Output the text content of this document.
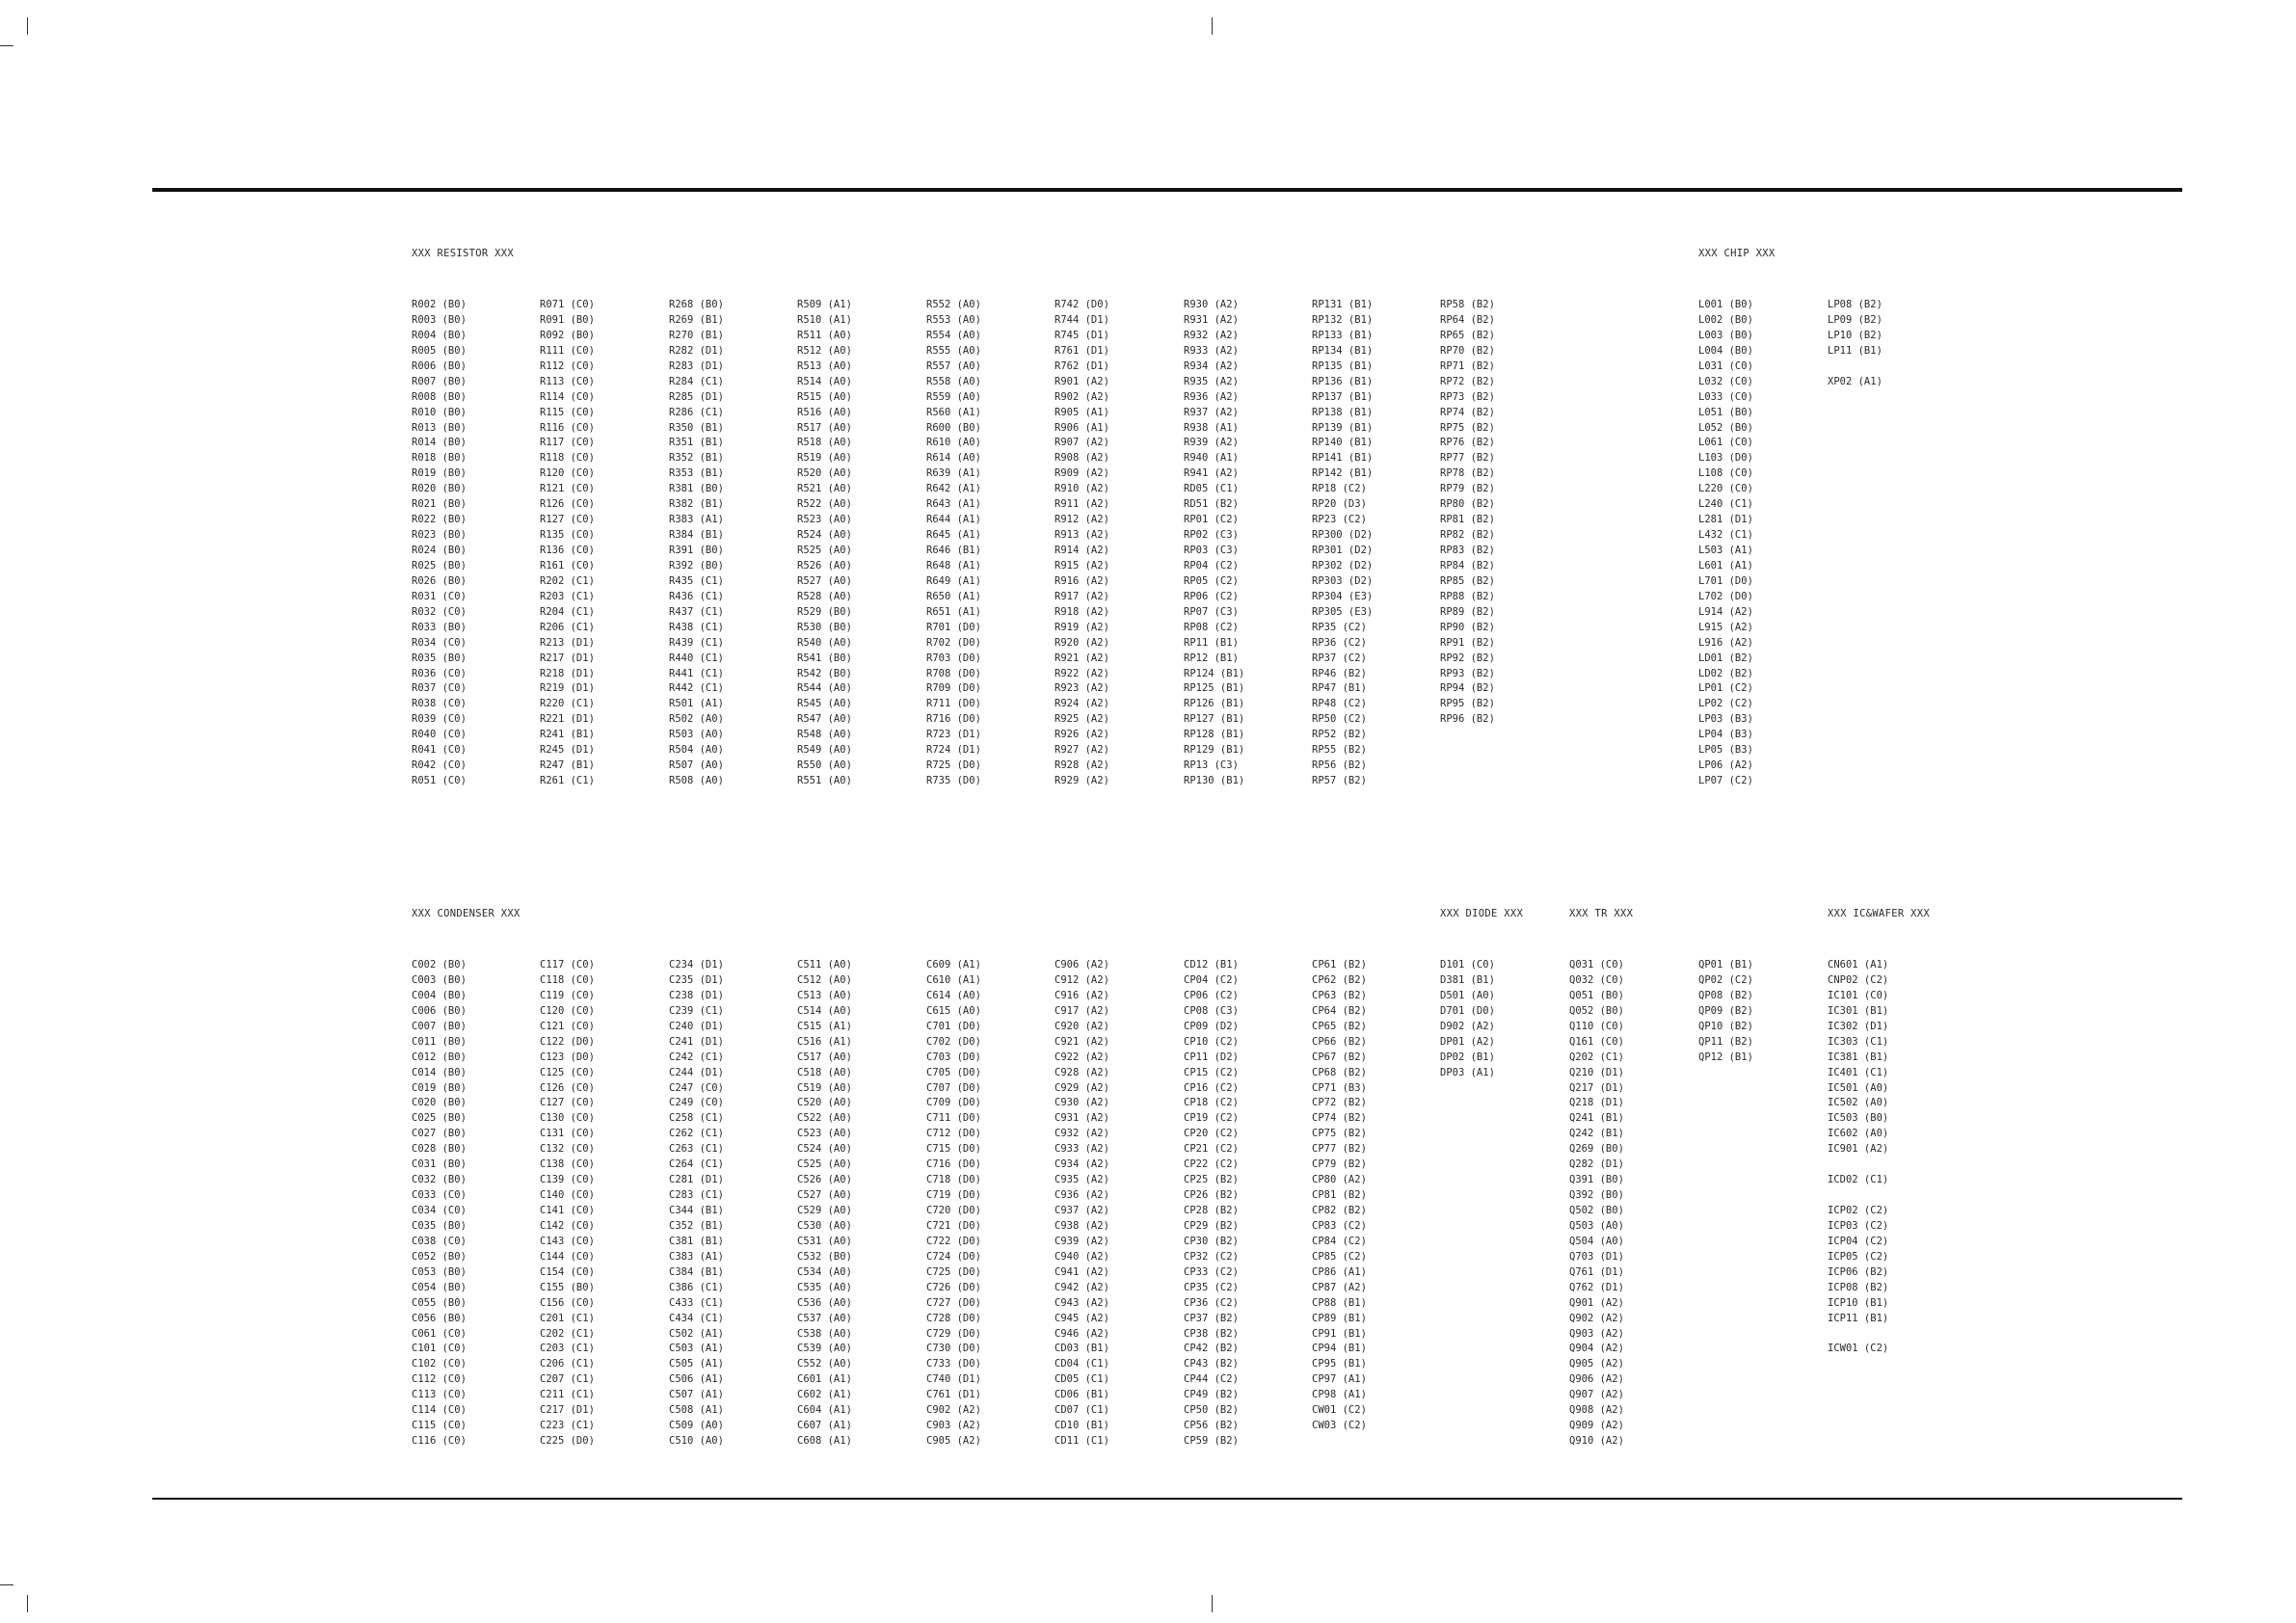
XXX RESISTOR XXX
R002 (B0)
R003 (B0)
R004 (B0)
R005 (B0)
R006 (B0)
R007 (B0)
R008 (B0)
R010 (B0)
R013 (B0)
R014 (B0)
R018 (B0)
R019 (B0)
R020 (B0)
R021 (B0)
R022 (B0)
R023 (B0)
R024 (B0)
R025 (B0)
R026 (B0)
R031 (C0)
R032 (C0)
R033 (B0)
R034 (C0)
R035 (B0)
R036 (C0)
R037 (C0)
R038 (C0)
R039 (C0)
R040 (C0)
R041 (C0)
R042 (C0)
R051 (C0)
R071 (C0)
R091 (B0)
R092 (B0)
R111 (C0)
R112 (C0)
R113 (C0)
R114 (C0)
R115 (C0)
R116 (C0)
R117 (C0)
R118 (C0)
R120 (C0)
R121 (C0)
R126 (C0)
R127 (C0)
R135 (C0)
R136 (C0)
R161 (C0)
R202 (C1)
R203 (C1)
R204 (C1)
R206 (C1)
R213 (D1)
R217 (D1)
R218 (D1)
R219 (D1)
R220 (C1)
R221 (D1)
R241 (B1)
R245 (D1)
R247 (B1)
R261 (C1)
R268 (B0)
R269 (B1)
R270 (B1)
R282 (D1)
R283 (D1)
R284 (C1)
R285 (D1)
R286 (C1)
R350 (B1)
R351 (B1)
R352 (B1)
R353 (B1)
R381 (B0)
R382 (B1)
R383 (A1)
R384 (B1)
R391 (B0)
R392 (B0)
R435 (C1)
R436 (C1)
R437 (C1)
R438 (C1)
R439 (C1)
R440 (C1)
R441 (C1)
R442 (C1)
R501 (A1)
R502 (A0)
R503 (A0)
R504 (A0)
R507 (A0)
R508 (A0)
R509 (A1)
R510 (A1)
R511 (A0)
R512 (A0)
R513 (A0)
R514 (A0)
R515 (A0)
R516 (A0)
R517 (A0)
R518 (A0)
R519 (A0)
R520 (A0)
R521 (A0)
R522 (A0)
R523 (A0)
R524 (A0)
R525 (A0)
R526 (A0)
R527 (A0)
R528 (A0)
R529 (B0)
R530 (B0)
R540 (A0)
R541 (B0)
R542 (B0)
R544 (A0)
R545 (A0)
R547 (A0)
R548 (A0)
R549 (A0)
R550 (A0)
R551 (A0)
R552 (A0)
R553 (A0)
R554 (A0)
R555 (A0)
R557 (A0)
R558 (A0)
R559 (A0)
R560 (A1)
R600 (B0)
R610 (A0)
R614 (A0)
R639 (A1)
R642 (A1)
R643 (A1)
R644 (A1)
R645 (A1)
R646 (B1)
R648 (A1)
R649 (A1)
R650 (A1)
R651 (A1)
R701 (D0)
R702 (D0)
R703 (D0)
R708 (D0)
R709 (D0)
R711 (D0)
R716 (D0)
R723 (D1)
R724 (D1)
R725 (D0)
R735 (D0)
R742 (D0)
R744 (D1)
R745 (D1)
R761 (D1)
R762 (D1)
R901 (A2)
R902 (A2)
R905 (A1)
R906 (A1)
R907 (A2)
R908 (A2)
R909 (A2)
R910 (A2)
R911 (A2)
R912 (A2)
R913 (A2)
R914 (A2)
R915 (A2)
R916 (A2)
R917 (A2)
R918 (A2)
R919 (A2)
R920 (A2)
R921 (A2)
R922 (A2)
R923 (A2)
R924 (A2)
R925 (A2)
R926 (A2)
R927 (A2)
R928 (A2)
R929 (A2)
R930 (A2)
R931 (A2)
R932 (A2)
R933 (A2)
R934 (A2)
R935 (A2)
R936 (A2)
R937 (A2)
R938 (A1)
R939 (A2)
R940 (A1)
R941 (A2)
RD05 (C1)
RD51 (B2)
RP01 (C2)
RP02 (C3)
RP03 (C3)
RP04 (C2)
RP05 (C2)
RP06 (C2)
RP07 (C3)
RP08 (C2)
RP11 (B1)
RP12 (B1)
RP124 (B1)
RP125 (B1)
RP126 (B1)
RP127 (B1)
RP128 (B1)
RP129 (B1)
RP13 (C3)
RP130 (B1)
RP131 (B1)
RP132 (B1)
RP133 (B1)
RP134 (B1)
RP135 (B1)
RP136 (B1)
RP137 (B1)
RP138 (B1)
RP139 (B1)
RP140 (B1)
RP141 (B1)
RP142 (B1)
RP18 (C2)
RP20 (D3)
RP23 (C2)
RP300 (D2)
RP301 (D2)
RP302 (D2)
RP303 (D2)
RP304 (E3)
RP305 (E3)
RP35 (C2)
RP36 (C2)
RP37 (C2)
RP46 (B2)
RP47 (B1)
RP48 (C2)
RP50 (C2)
RP52 (B2)
RP55 (B2)
RP56 (B2)
RP57 (B2)
RP58 (B2)
RP64 (B2)
RP65 (B2)
RP70 (B2)
RP71 (B2)
RP72 (B2)
RP73 (B2)
RP74 (B2)
RP75 (B2)
RP76 (B2)
RP77 (B2)
RP78 (B2)
RP79 (B2)
RP80 (B2)
RP81 (B2)
RP82 (B2)
RP83 (B2)
RP84 (B2)
RP85 (B2)
RP88 (B2)
RP89 (B2)
RP90 (B2)
RP91 (B2)
RP92 (B2)
RP93 (B2)
RP94 (B2)
RP95 (B2)
RP96 (B2)
XXX CHIP XXX
L001 (B0)
L002 (B0)
L003 (B0)
L004 (B0)
L031 (C0)
L032 (C0)
L033 (C0)
L051 (B0)
L052 (B0)
L061 (C0)
L103 (D0)
L108 (C0)
L220 (C0)
L240 (C1)
L281 (D1)
L432 (C1)
L503 (A1)
L601 (A1)
L701 (D0)
L702 (D0)
L914 (A2)
L915 (A2)
L916 (A2)
LD01 (B2)
LD02 (B2)
LP01 (C2)
LP02 (C2)
LP03 (B3)
LP04 (B3)
LP05 (B3)
LP06 (A2)
LP07 (C2)
LP08 (B2)
LP09 (B2)
LP10 (B2)
LP11 (B1)
XP02 (A1)
XXX CONDENSER XXX
C002 (B0)
C003 (B0)
C004 (B0)
C006 (B0)
C007 (B0)
C011 (B0)
C012 (B0)
C014 (B0)
C019 (B0)
C020 (B0)
C025 (B0)
C027 (B0)
C028 (B0)
C031 (B0)
C032 (B0)
C033 (C0)
C034 (C0)
C035 (B0)
C038 (C0)
C052 (B0)
C053 (B0)
C054 (B0)
C055 (B0)
C056 (B0)
C061 (C0)
C101 (C0)
C102 (C0)
C112 (C0)
C113 (C0)
C114 (C0)
C115 (C0)
C116 (C0)
C117 (C0)
C118 (C0)
C119 (C0)
C120 (C0)
C121 (C0)
C122 (D0)
C123 (D0)
C125 (C0)
C126 (C0)
C127 (C0)
C130 (C0)
C131 (C0)
C132 (C0)
C138 (C0)
C139 (C0)
C140 (C0)
C141 (C0)
C142 (C0)
C143 (C0)
C144 (C0)
C154 (C0)
C155 (B0)
C156 (C0)
C201 (C1)
C202 (C1)
C203 (C1)
C206 (C1)
C207 (C1)
C211 (C1)
C217 (D1)
C223 (C1)
C225 (D0)
C234 (D1)
C235 (D1)
C238 (D1)
C239 (C1)
C240 (D1)
C241 (D1)
C242 (C1)
C244 (D1)
C247 (C0)
C249 (C0)
C258 (C1)
C262 (C1)
C263 (C1)
C264 (C1)
C281 (D1)
C283 (C1)
C344 (B1)
C352 (B1)
C381 (B1)
C383 (A1)
C384 (B1)
C386 (C1)
C433 (C1)
C434 (C1)
C502 (A1)
C503 (A1)
C505 (A1)
C506 (A1)
C507 (A1)
C508 (A1)
C509 (A0)
C510 (A0)
C511 (A0)
C512 (A0)
C513 (A0)
C514 (A0)
C515 (A1)
C516 (A1)
C517 (A0)
C518 (A0)
C519 (A0)
C520 (A0)
C522 (A0)
C523 (A0)
C524 (A0)
C525 (A0)
C526 (A0)
C527 (A0)
C529 (A0)
C530 (A0)
C531 (A0)
C532 (B0)
C534 (A0)
C535 (A0)
C536 (A0)
C537 (A0)
C538 (A0)
C539 (A0)
C552 (A0)
C601 (A1)
C602 (A1)
C604 (A1)
C607 (A1)
C608 (A1)
C609 (A1)
C610 (A1)
C614 (A0)
C615 (A0)
C701 (D0)
C702 (D0)
C703 (D0)
C705 (D0)
C707 (D0)
C709 (D0)
C711 (D0)
C712 (D0)
C715 (D0)
C716 (D0)
C718 (D0)
C719 (D0)
C720 (D0)
C721 (D0)
C722 (D0)
C724 (D0)
C725 (D0)
C726 (D0)
C727 (D0)
C728 (D0)
C729 (D0)
C730 (D0)
C733 (D0)
C740 (D1)
C761 (D1)
C902 (A2)
C903 (A2)
C905 (A2)
C906 (A2)
C912 (A2)
C916 (A2)
C917 (A2)
C920 (A2)
C921 (A2)
C922 (A2)
C928 (A2)
C929 (A2)
C930 (A2)
C931 (A2)
C932 (A2)
C933 (A2)
C934 (A2)
C935 (A2)
C936 (A2)
C937 (A2)
C938 (A2)
C939 (A2)
C940 (A2)
C941 (A2)
C942 (A2)
C943 (A2)
C945 (A2)
C946 (A2)
CD03 (B1)
CD04 (C1)
CD05 (C1)
CD06 (B1)
CD07 (C1)
CD10 (B1)
CD11 (C1)
CD12 (B1)
CP04 (C2)
CP06 (C2)
CP08 (C3)
CP09 (D2)
CP10 (C2)
CP11 (D2)
CP15 (C2)
CP16 (C2)
CP18 (C2)
CP19 (C2)
CP20 (C2)
CP21 (C2)
CP22 (C2)
CP25 (B2)
CP26 (B2)
CP28 (B2)
CP29 (B2)
CP30 (B2)
CP32 (C2)
CP33 (C2)
CP35 (C2)
CP36 (C2)
CP37 (B2)
CP38 (B2)
CP42 (B2)
CP43 (B2)
CP44 (C2)
CP49 (B2)
CP50 (B2)
CP56 (B2)
CP59 (B2)
CP61 (B2)
CP62 (B2)
CP63 (B2)
CP64 (B2)
CP65 (B2)
CP66 (B2)
CP67 (B2)
CP68 (B2)
CP71 (B3)
CP72 (B2)
CP74 (B2)
CP75 (B2)
CP77 (B2)
CP79 (B2)
CP80 (A2)
CP81 (B2)
CP82 (B2)
CP83 (C2)
CP84 (C2)
CP85 (C2)
CP86 (A1)
CP87 (A2)
CP88 (B1)
CP89 (B1)
CP91 (B1)
CP94 (B1)
CP95 (B1)
CP97 (A1)
CP98 (A1)
CW01 (C2)
CW03 (C2)
XXX DIODE XXX
D101 (C0)
D381 (B1)
D501 (A0)
D701 (D0)
D902 (A2)
DP01 (A2)
DP02 (B1)
DP03 (A1)
XXX TR XXX
Q031 (C0)
Q032 (C0)
Q051 (B0)
Q052 (B0)
Q110 (C0)
Q161 (C0)
Q202 (C1)
Q210 (D1)
Q217 (D1)
Q218 (D1)
Q241 (B1)
Q242 (B1)
Q269 (B0)
Q282 (D1)
Q391 (B0)
Q392 (B0)
Q502 (B0)
Q503 (A0)
Q504 (A0)
Q703 (D1)
Q761 (D1)
Q762 (D1)
Q901 (A2)
Q902 (A2)
Q903 (A2)
Q904 (A2)
Q905 (A2)
Q906 (A2)
Q907 (A2)
Q908 (A2)
Q909 (A2)
Q910 (A2)
QP01 (B1)
QP02 (C2)
QP08 (B2)
QP09 (B2)
QP10 (B2)
QP11 (B2)
QP12 (B1)
XXX IC&WAFER XXX
CN601 (A1)
CNP02 (C2)
IC101 (C0)
IC301 (B1)
IC302 (D1)
IC303 (C1)
IC381 (B1)
IC401 (C1)
IC501 (A0)
IC502 (A0)
IC503 (B0)
IC602 (A0)
IC901 (A2)
ICD02 (C1)
ICP02 (C2)
ICP03 (C2)
ICP04 (C2)
ICP05 (C2)
ICP06 (B2)
ICP08 (B2)
ICP10 (B1)
ICP11 (B1)
ICW01 (C2)
